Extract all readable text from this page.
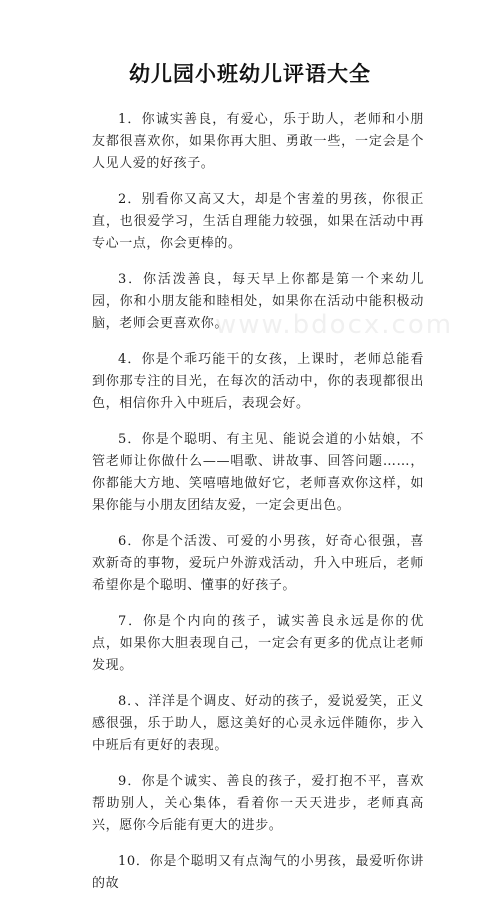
幼儿园小班幼儿评语大全
www.bdocx.com

1．你诚实善良，有爱心，乐于助人，老师和小朋友都很喜欢你，如果你再大胆、勇敢一些，一定会是个人见人爱的好孩子。

2．别看你又高又大，却是个害羞的男孩，你很正直，也很爱学习，生活自理能力较强，如果在活动中再专心一点，你会更棒的。

3．你活泼善良，每天早上你都是第一个来幼儿园，你和小朋友能和睦相处，如果你在活动中能积极动脑，老师会更喜欢你。

4．你是个乖巧能干的女孩，上课时，老师总能看到你那专注的目光，在每次的活动中，你的表现都很出色，相信你升入中班后，表现会好。

5．你是个聪明、有主见、能说会道的小姑娘，不管老师让你做什么——唱歌、讲故事、回答问题……，你都能大方地、笑嘻嘻地做好它，老师喜欢你这样，如果你能与小朋友团结友爱，一定会更出色。

6．你是个活泼、可爱的小男孩，好奇心很强，喜欢新奇的事物，爱玩户外游戏活动，升入中班后，老师希望你是个聪明、懂事的好孩子。

7．你是个内向的孩子，诚实善良永远是你的优点，如果你大胆表现自己，一定会有更多的优点让老师发现。

8．、洋洋是个调皮、好动的孩子，爱说爱笑，正义感很强，乐于助人，愿这美好的心灵永远伴随你，步入中班后有更好的表现。

9．你是个诚实、善良的孩子，爱打抱不平，喜欢帮助别人，关心集体，看着你一天天进步，老师真高兴，愿你今后能有更大的进步。

10．你是个聪明又有点淘气的小男孩，最爱听你讲的故
